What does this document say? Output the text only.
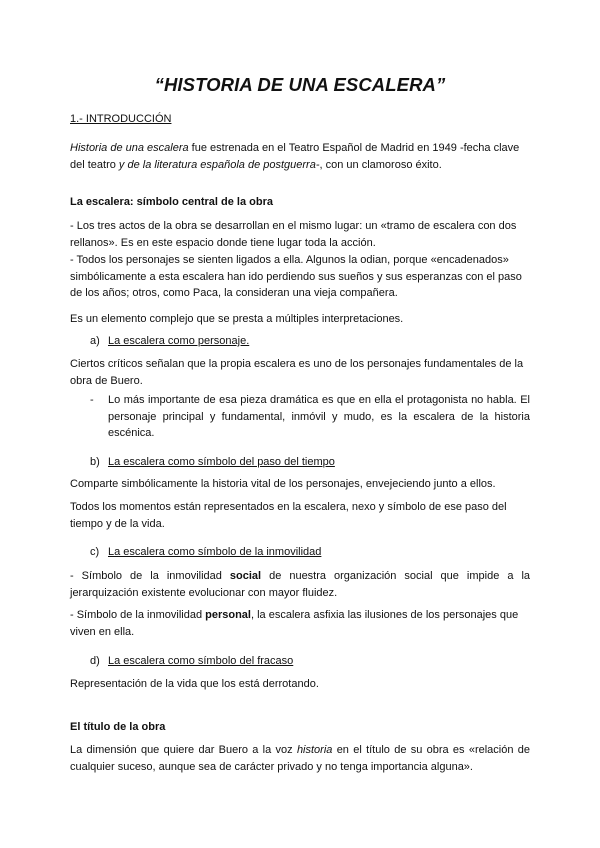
“HISTORIA DE UNA ESCALERA”
1.- INTRODUCCIÓN

Historia de una escalera fue estrenada en el Teatro Español de Madrid en 1949 -fecha clave del teatro y de la literatura española de postguerra-, con un clamoroso éxito.

La escalera: símbolo central de la obra

- Los tres actos de la obra se desarrollan en el mismo lugar: un «tramo de escalera con dos rellanos». Es en este espacio donde tiene lugar toda la acción.

- Todos los personajes se sienten ligados a ella. Algunos la odian, porque «encadenados» simbólicamente a esta escalera han ido perdiendo sus sueños y sus esperanzas con el paso de los años; otros, como Paca, la consideran una vieja compañera.

Es un elemento complejo que se presta a múltiples interpretaciones.

a) La escalera como personaje.

Ciertos críticos señalan que la propia escalera es uno de los personajes fundamentales de la obra de Buero.

- Lo más importante de esa pieza dramática es que en ella el protagonista no habla. El personaje principal y fundamental, inmóvil y mudo, es la escalera de la historia escénica.

b) La escalera como símbolo del paso del tiempo

Comparte simbólicamente la historia vital de los personajes, envejeciendo junto a ellos.

Todos los momentos están representados en la escalera, nexo y símbolo de ese paso del tiempo y de la vida.

c) La escalera como símbolo de la inmovilidad

- Símbolo de la inmovilidad social de nuestra organización social que impide a la jerarquización existente evolucionar con mayor fluidez.

- Símbolo de la inmovilidad personal, la escalera asfixia las ilusiones de los personajes que viven en ella.

d) La escalera como símbolo del fracaso

Representación de la vida que los está derrotando.

El título de la obra

La dimensión que quiere dar Buero a la voz historia en el título de su obra es «relación de cualquier suceso, aunque sea de carácter privado y no tenga importancia alguna».
